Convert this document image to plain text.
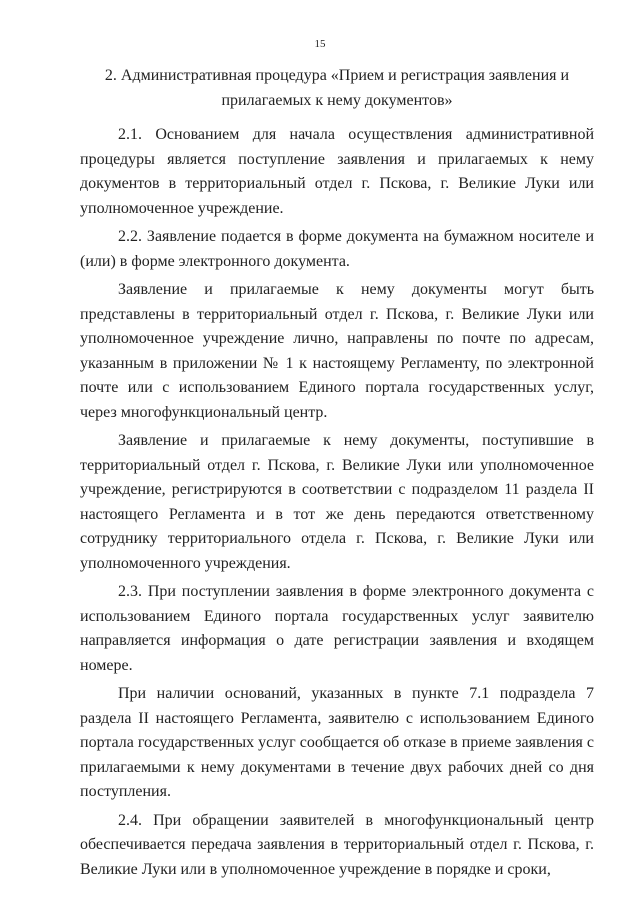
15
2. Административная процедура «Прием и регистрация заявления и прилагаемых к нему документов»

2.1. Основанием для начала осуществления административной процедуры является поступление заявления и прилагаемых к нему документов в территориальный отдел г. Пскова, г. Великие Луки или уполномоченное учреждение.

2.2. Заявление подается в форме документа на бумажном носителе и (или) в форме электронного документа.

Заявление и прилагаемые к нему документы могут быть представлены в территориальный отдел г. Пскова, г. Великие Луки или уполномоченное учреждение лично, направлены по почте по адресам, указанным в приложении № 1 к настоящему Регламенту, по электронной почте или с использованием Единого портала государственных услуг, через многофункциональный центр.

Заявление и прилагаемые к нему документы, поступившие в территориальный отдел г. Пскова, г. Великие Луки или уполномоченное учреждение, регистрируются в соответствии с подразделом 11 раздела II настоящего Регламента и в тот же день передаются ответственному сотруднику территориального отдела г. Пскова, г. Великие Луки или уполномоченного учреждения.

2.3. При поступлении заявления в форме электронного документа с использованием Единого портала государственных услуг заявителю направляется информация о дате регистрации заявления и входящем номере.

При наличии оснований, указанных в пункте 7.1 подраздела 7 раздела II настоящего Регламента, заявителю с использованием Единого портала государственных услуг сообщается об отказе в приеме заявления с прилагаемыми к нему документами в течение двух рабочих дней со дня поступления.

2.4. При обращении заявителей в многофункциональный центр обеспечивается передача заявления в территориальный отдел г. Пскова, г. Великие Луки или в уполномоченное учреждение в порядке и сроки,
